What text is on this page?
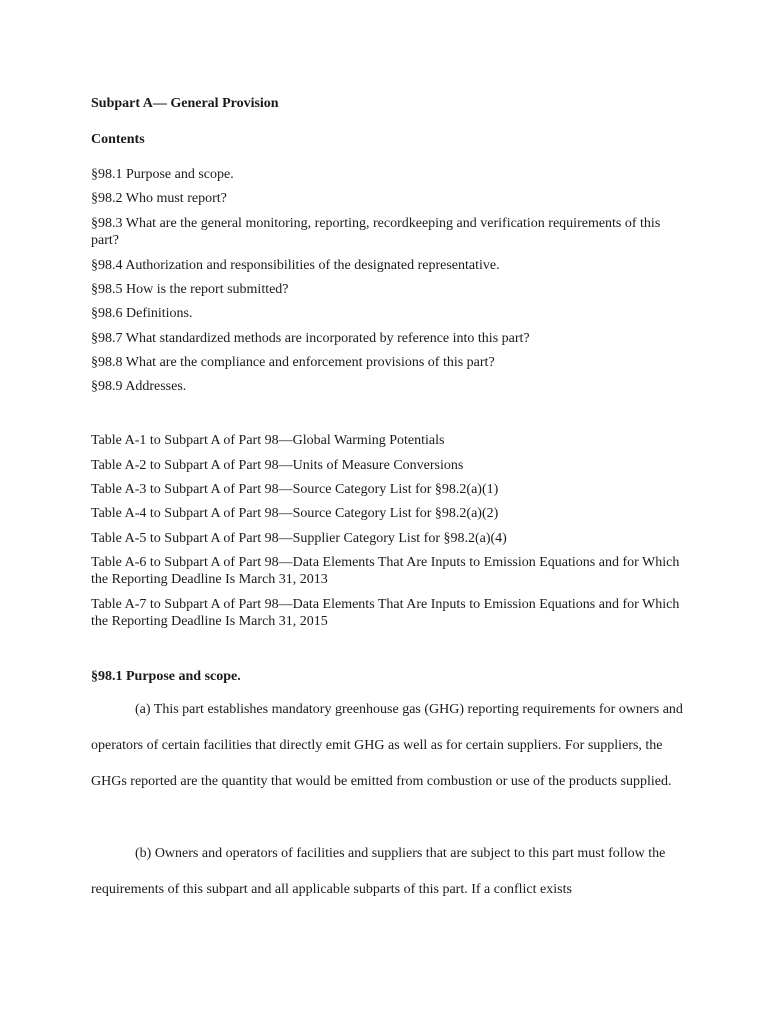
Subpart A— General Provision
Contents
§98.1 Purpose and scope.
§98.2 Who must report?
§98.3 What are the general monitoring, reporting, recordkeeping and verification requirements of this part?
§98.4 Authorization and responsibilities of the designated representative.
§98.5 How is the report submitted?
§98.6 Definitions.
§98.7 What standardized methods are incorporated by reference into this part?
§98.8 What are the compliance and enforcement provisions of this part?
§98.9 Addresses.
Table A-1 to Subpart A of Part 98—Global Warming Potentials
Table A-2 to Subpart A of Part 98—Units of Measure Conversions
Table A-3 to Subpart A of Part 98—Source Category List for §98.2(a)(1)
Table A-4 to Subpart A of Part 98—Source Category List for §98.2(a)(2)
Table A-5 to Subpart A of Part 98—Supplier Category List for §98.2(a)(4)
Table A-6 to Subpart A of Part 98—Data Elements That Are Inputs to Emission Equations and for Which the Reporting Deadline Is March 31, 2013
Table A-7 to Subpart A of Part 98—Data Elements That Are Inputs to Emission Equations and for Which the Reporting Deadline Is March 31, 2015
§98.1 Purpose and scope.
(a) This part establishes mandatory greenhouse gas (GHG) reporting requirements for owners and operators of certain facilities that directly emit GHG as well as for certain suppliers. For suppliers, the GHGs reported are the quantity that would be emitted from combustion or use of the products supplied.
(b) Owners and operators of facilities and suppliers that are subject to this part must follow the requirements of this subpart and all applicable subparts of this part. If a conflict exists
